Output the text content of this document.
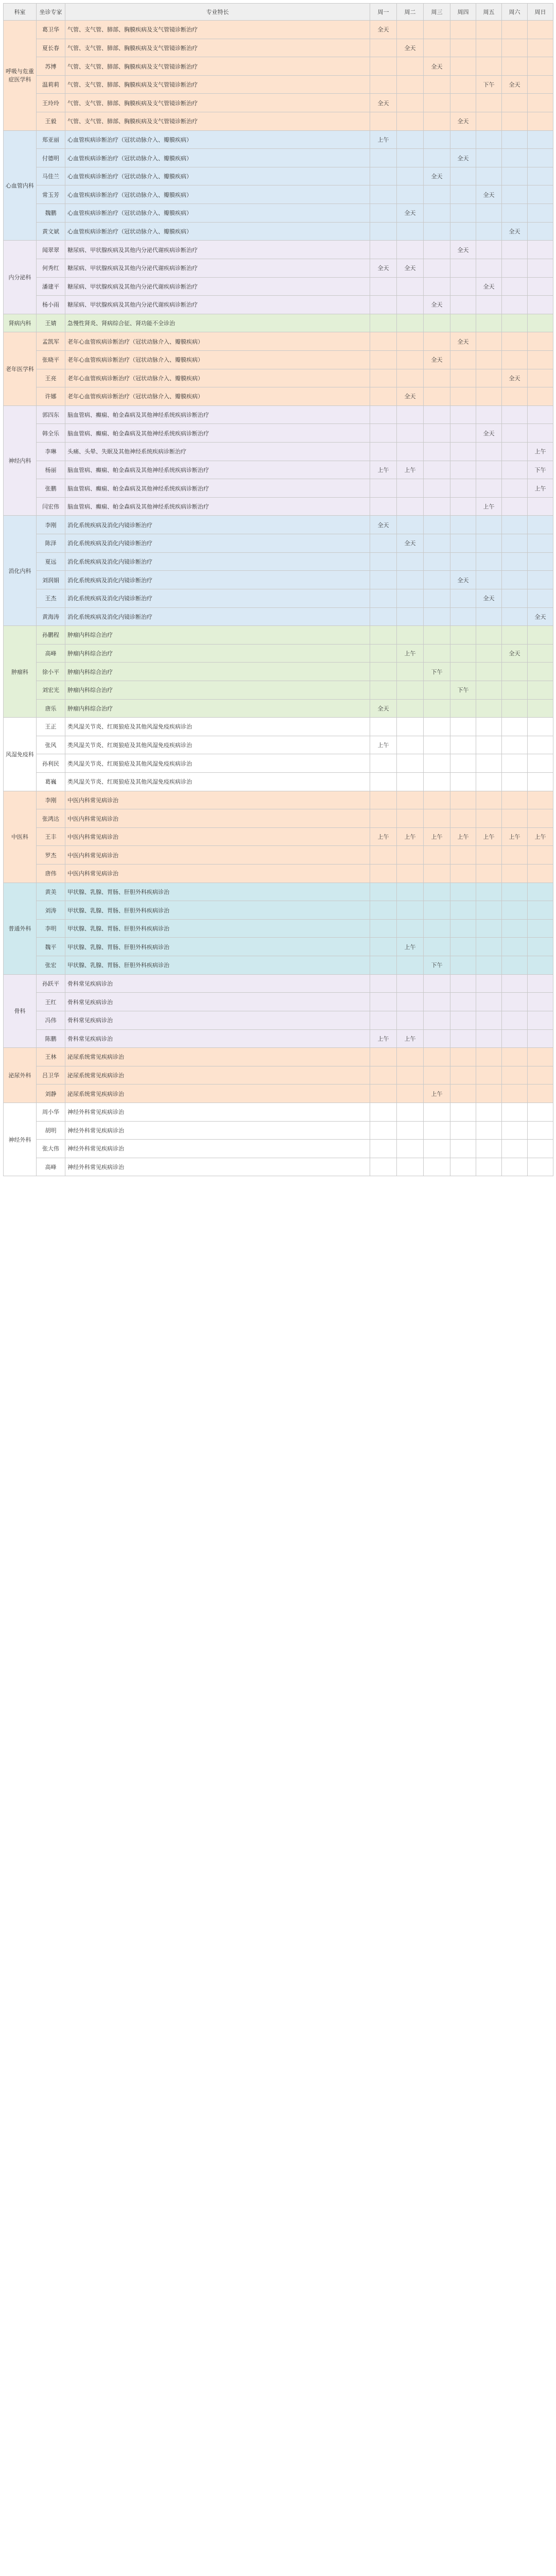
科室	坐诊专家	专业特长	周一	周二	周三	周四	周五	周六	周日
呼吸与危重症医学科	葛卫华	气管、支气管、肺部、胸膜疾病及支气管镜诊断治疗	全天						
	夏长春	气管、支气管、肺部、胸膜疾病及支气管镜诊断治疗		全天					
	苏博	气管、支气管、肺部、胸膜疾病及支气管镜诊断治疗			全天				
	温莉莉	气管、支气管、肺部、胸膜疾病及支气管镜诊断治疗					下午	全天	
	王玲玲	气管、支气管、肺部、胸膜疾病及支气管镜诊断治疗	全天						
	王毅	气管、支气管、肺部、胸膜疾病及支气管镜诊断治疗				全天			
心血管内科	郑亚丽	心血管疾病诊断治疗（冠状动脉介入、瓣膜疾病）	上午						
	付德明	心血管疾病诊断治疗（冠状动脉介入、瓣膜疾病）				全天			
	马佳兰	心血管疾病诊断治疗（冠状动脉介入、瓣膜疾病）			全天				
	常玉芳	心血管疾病诊断治疗（冠状动脉介入、瓣膜疾病）					全天		
	魏鹏	心血管疾病诊断治疗（冠状动脉介入、瓣膜疾病）		全天					
	黄文斌	心血管疾病诊断治疗（冠状动脉介入、瓣膜疾病）						全天	
内分泌科	闻翠翠	糖尿病、甲状腺疾病及其他内分泌代谢疾病诊断治疗				全天			
	何秀红	糖尿病、甲状腺疾病及其他内分泌代谢疾病诊断治疗	全天	全天					
	潘建平	糖尿病、甲状腺疾病及其他内分泌代谢疾病诊断治疗					全天		
	杨小雨	糖尿病、甲状腺疾病及其他内分泌代谢疾病诊断治疗			全天				
肾病内科	王婧	急慢性肾炎、肾病综合征、肾功能不全诊治							
老年医学科	孟凯军	老年心血管疾病诊断治疗（冠状动脉介入、瓣膜疾病）				全天			
	张晓平	老年心血管疾病诊断治疗（冠状动脉介入、瓣膜疾病）			全天				
	王亮	老年心血管疾病诊断治疗（冠状动脉介入、瓣膜疾病）						全天	
	许娜	老年心血管疾病诊断治疗（冠状动脉介入、瓣膜疾病）		全天					
神经内科	郭四东	脑血管病、癫痫、帕金森病及其他神经系统疾病诊断治疗							
	韩全乐	脑血管病、癫痫、帕金森病及其他神经系统疾病诊断治疗					全天		
	李琳	头痛、头晕、失眠及其他神经系统疾病诊断治疗							上午
	杨丽	脑血管病、癫痫、帕金森病及其他神经系统疾病诊断治疗	上午	上午					下午
	张鹏	脑血管病、癫痫、帕金森病及其他神经系统疾病诊断治疗							上午
	闫宏伟	脑血管病、癫痫、帕金森病及其他神经系统疾病诊断治疗					上午		
消化内科	李刚	消化系统疾病及消化内镜诊断治疗	全天						
	陈泽	消化系统疾病及消化内镜诊断治疗		全天					
	夏远	消化系统疾病及消化内镜诊断治疗							
	刘润娟	消化系统疾病及消化内镜诊断治疗				全天			
	王杰	消化系统疾病及消化内镜诊断治疗					全天		
	黄海涛	消化系统疾病及消化内镜诊断治疗							全天
肿瘤科	孙鹏程	肿瘤内科综合治疗							
	高峰	肿瘤内科综合治疗		上午				全天	
	徐小平	肿瘤内科综合治疗			下午				
	刘宏光	肿瘤内科综合治疗				下午			
	唐乐	肿瘤内科综合治疗	全天						
风湿免疫科	王正	类风湿关节炎、红斑狼疮及其他风湿免疫疾病诊治							
	张风	类风湿关节炎、红斑狼疮及其他风湿免疫疾病诊治	上午						
	孙利民	类风湿关节炎、红斑狼疮及其他风湿免疫疾病诊治							
	葛巍	类风湿关节炎、红斑狼疮及其他风湿免疫疾病诊治							
中医科	李刚	中医内科常见病诊治							
	张鸿达	中医内科常见病诊治							
	王丰	中医内科常见病诊治	上午	上午	上午	上午	上午	上午	上午
	罗杰	中医内科常见病诊治							
	唐伟	中医内科常见病诊治							
普通外科	黄美	甲状腺、乳腺、胃肠、肝胆外科疾病诊治							
	刘涛	甲状腺、乳腺、胃肠、肝胆外科疾病诊治							
	李明	甲状腺、乳腺、胃肠、肝胆外科疾病诊治							
	魏平	甲状腺、乳腺、胃肠、肝胆外科疾病诊治		上午					
	张宏	甲状腺、乳腺、胃肠、肝胆外科疾病诊治			下午				
骨科	孙跃平	骨科常见疾病诊治							
	王红	骨科常见疾病诊治							
	冯伟	骨科常见疾病诊治							
	陈鹏	骨科常见疾病诊治	上午	上午					
泌尿外科	王林	泌尿系统常见疾病诊治							
	吕卫华	泌尿系统常见疾病诊治							
	刘静	泌尿系统常见疾病诊治			上午				
神经外科	周小华	神经外科常见疾病诊治							
	胡明	神经外科常见疾病诊治							
	张大伟	神经外科常见疾病诊治							
	高峰	神经外科常见疾病诊治							
